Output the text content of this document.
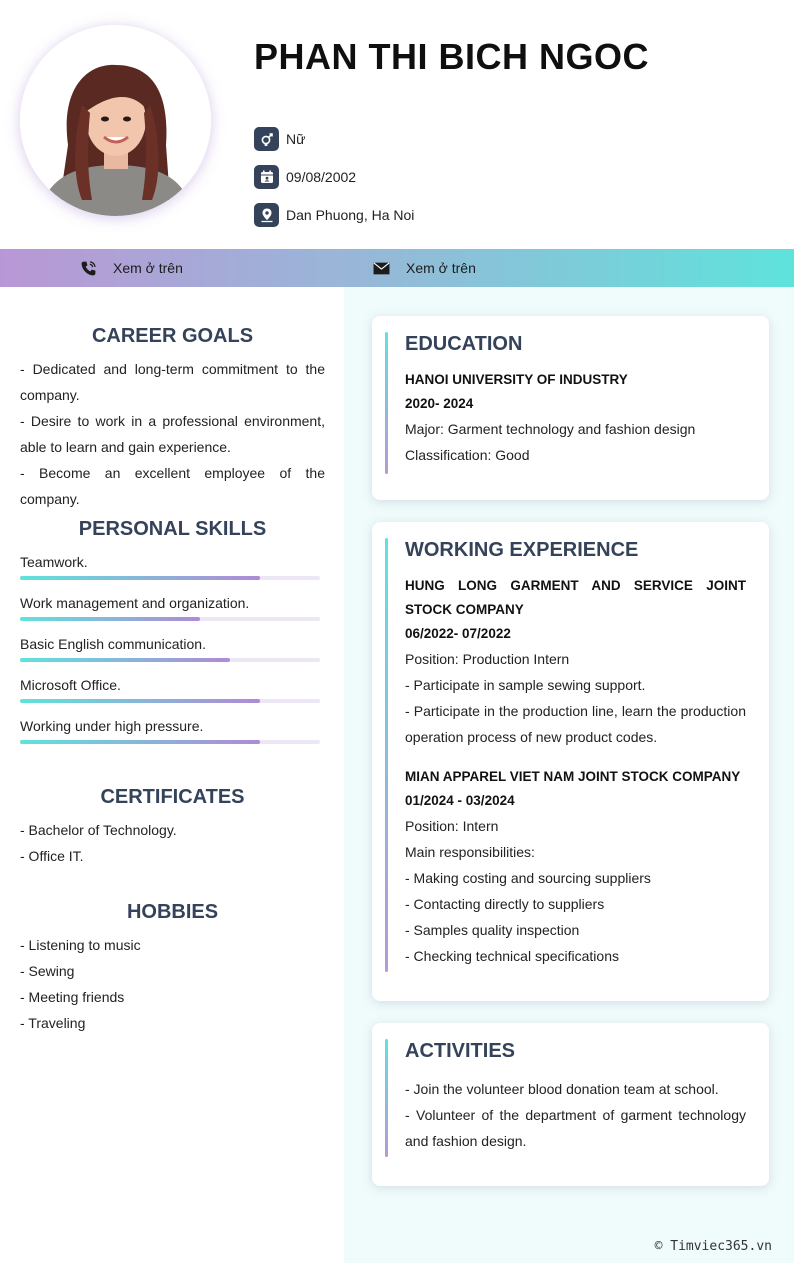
PHAN THI BICH NGOC
Nữ
09/08/2002
Dan Phuong, Ha Noi
Xem ở trên	Xem ở trên
CAREER GOALS
- Dedicated and long-term commitment to the company.
- Desire to work in a professional environment, able to learn and gain experience.
- Become an excellent employee of the company.
PERSONAL SKILLS
Teamwork.
Work management and organization.
Basic English communication.
Microsoft Office.
Working under high pressure.
CERTIFICATES
- Bachelor of Technology.
- Office IT.
HOBBIES
- Listening to music
- Sewing
- Meeting friends
- Traveling
EDUCATION
HANOI UNIVERSITY OF INDUSTRY
2020- 2024
Major: Garment technology and fashion design
Classification: Good
WORKING EXPERIENCE
HUNG LONG GARMENT AND SERVICE JOINT STOCK COMPANY
06/2022- 07/2022
Position: Production Intern
- Participate in sample sewing support.
- Participate in the production line, learn the production operation process of new product codes.
MIAN APPAREL VIET NAM JOINT STOCK COMPANY
01/2024 - 03/2024
Position: Intern
Main responsibilities:
- Making costing and sourcing suppliers
- Contacting directly to suppliers
- Samples quality inspection
- Checking technical specifications
ACTIVITIES
- Join the volunteer blood donation team at school.
- Volunteer of the department of garment technology and fashion design.
© Timviec365.vn
